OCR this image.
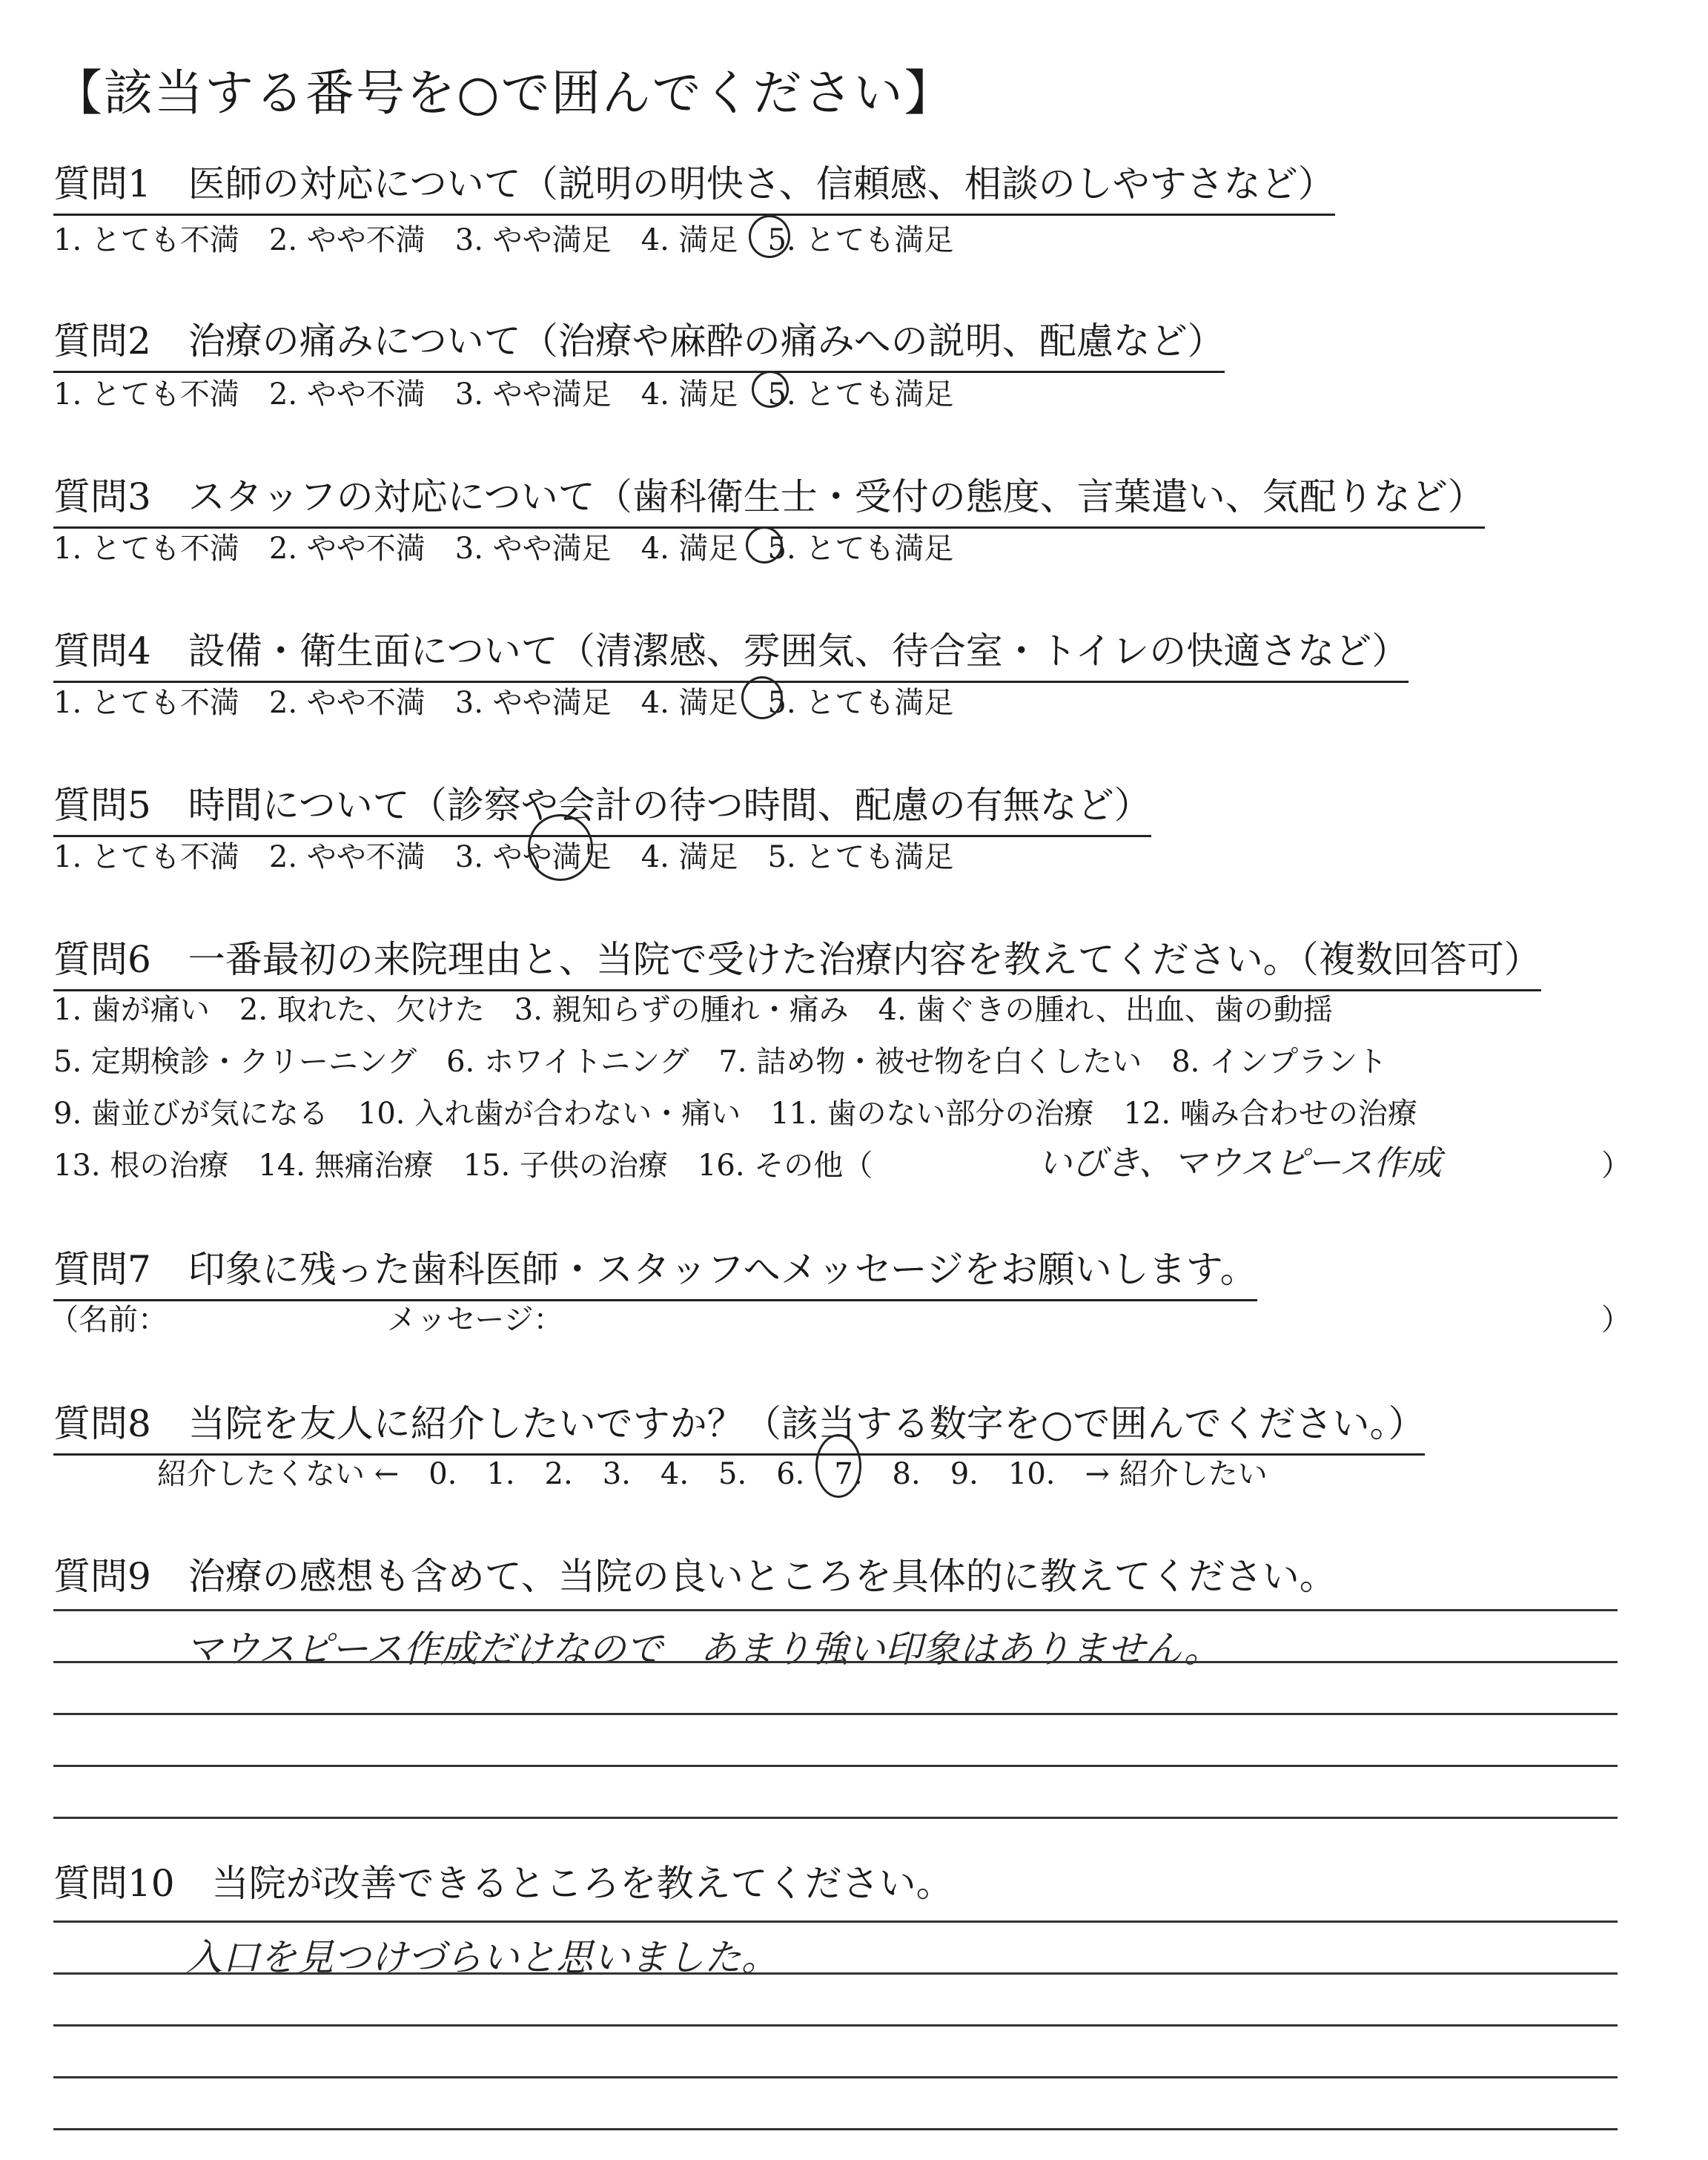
【該当する番号を○で囲んでください】
質問1　医師の対応について（説明の明快さ、信頼感、相談のしやすさなど）
1. とても不満　2. やや不満　3. やや満足　4. 満足　5. とても満足
質問2　治療の痛みについて（治療や麻酔の痛みへの説明、配慮など）
1. とても不満　2. やや不満　3. やや満足　4. 満足　5. とても満足
質問3　スタッフの対応について（歯科衛生士・受付の態度、言葉遣い、気配りなど）
1. とても不満　2. やや不満　3. やや満足　4. 満足　5. とても満足
質問4　設備・衛生面について（清潔感、雰囲気、待合室・トイレの快適さなど）
1. とても不満　2. やや不満　3. やや満足　4. 満足　5. とても満足
質問5　時間について（診察や会計の待つ時間、配慮の有無など）
1. とても不満　2. やや不満　3. やや満足　4. 満足　5. とても満足
質問6　一番最初の来院理由と、当院で受けた治療内容を教えてください。（複数回答可）
1. 歯が痛い　2. 取れた、欠けた　3. 親知らずの腫れ・痛み　4. 歯ぐきの腫れ、出血、歯の動揺
5. 定期検診・クリーニング　6. ホワイトニング　7. 詰め物・被せ物を白くしたい　8. インプラント
9. 歯並びが気になる　10. 入れ歯が合わない・痛い　11. 歯のない部分の治療　12. 噛み合わせの治療
13. 根の治療　14. 無痛治療　15. 子供の治療　16. その他（	いびき、マウスピース作成	）
質問7　印象に残った歯科医師・スタッフへメッセージをお願いします。
（名前：	メッセージ：	）
質問8　当院を友人に紹介したいですか？（該当する数字を○で囲んでください。）
紹介したくない ←　0.　1.　2.　3.　4.　5.　6.　7.　8.　9.　10.　→ 紹介したい
質問9　治療の感想も含めて、当院の良いところを具体的に教えてください。
マウスピース作成だけなので　あまり強い印象はありません。
質問10　当院が改善できるところを教えてください。
入口を見つけづらいと思いました。
